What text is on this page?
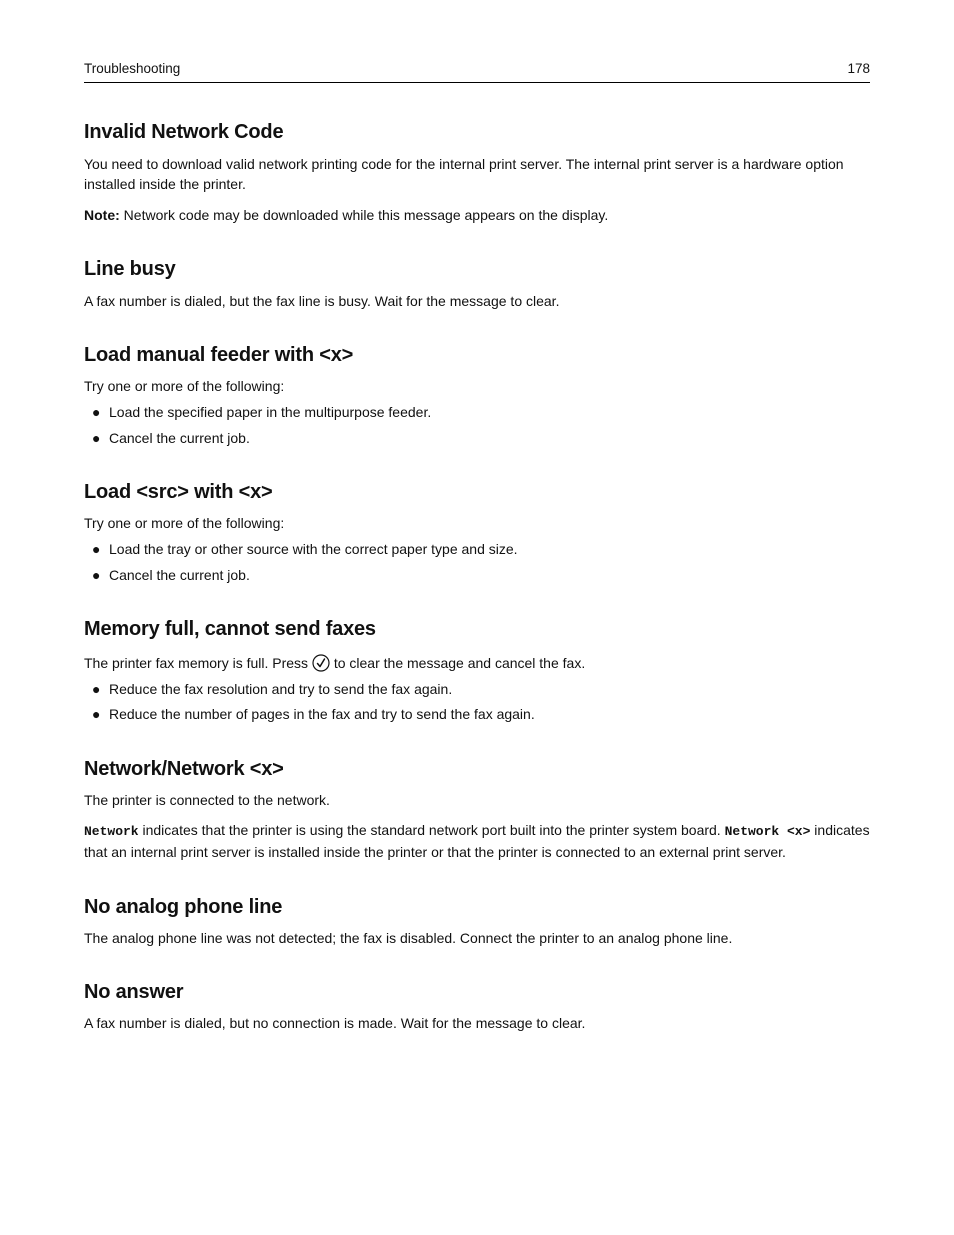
Troubleshooting	178
Invalid Network Code

You need to download valid network printing code for the internal print server. The internal print server is a hardware option installed inside the printer.

Note: Network code may be downloaded while this message appears on the display.

Line busy

A fax number is dialed, but the fax line is busy. Wait for the message to clear.

Load manual feeder with <x>

Try one or more of the following:

● Load the specified paper in the multipurpose feeder.
● Cancel the current job.
Load <src> with <x>

Try one or more of the following:

● Load the tray or other source with the correct paper type and size.
● Cancel the current job.
Memory full, cannot send faxes

The printer fax memory is full. Press  to clear the message and cancel the fax.

● Reduce the fax resolution and try to send the fax again.
● Reduce the number of pages in the fax and try to send the fax again.
Network/Network <x>

The printer is connected to the network.

Network indicates that the printer is using the standard network port built into the printer system board. Network <x> indicates that an internal print server is installed inside the printer or that the printer is connected to an external print server.

No analog phone line

The analog phone line was not detected; the fax is disabled. Connect the printer to an analog phone line.

No answer

A fax number is dialed, but no connection is made. Wait for the message to clear.
